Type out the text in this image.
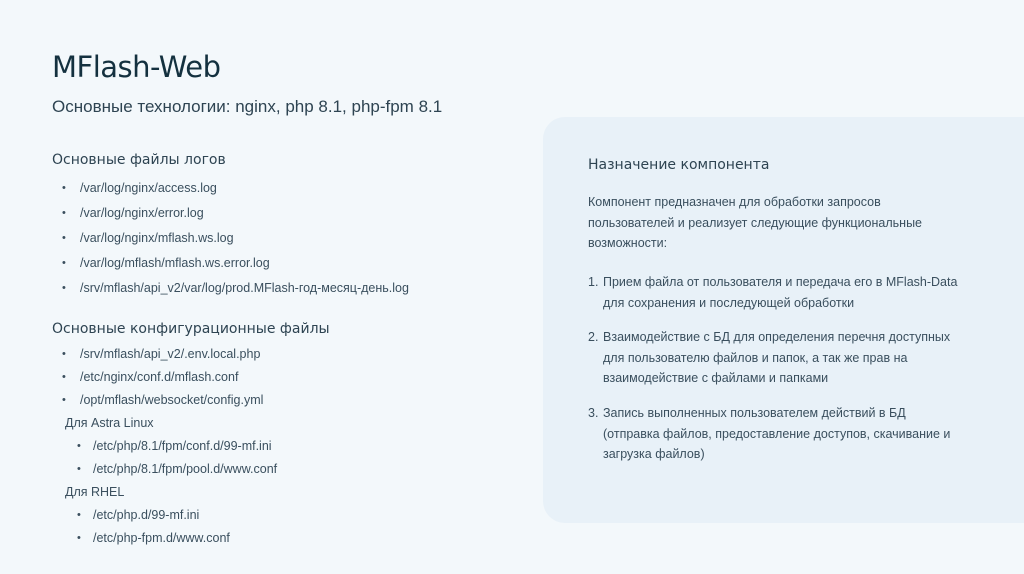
MFlash-Web
Основные технологии: nginx, php 8.1, php-fpm 8.1
Основные файлы логов
Основные конфигурационные файлы
Назначение компонента
Компонент предназначен для обработки запросов пользователей и реализует следующие функциональные возможности:
• /var/log/nginx/access.log
• /var/log/nginx/error.log
• /var/log/nginx/mflash.ws.log
• /var/log/mflash/mflash.ws.error.log
• /srv/mflash/api_v2/var/log/prod.MFlash-год-месяц-день.log
• /srv/mflash/api_v2/.env.local.php
• /etc/nginx/conf.d/mflash.conf
• /opt/mflash/websocket/config.yml
Для Astra Linux
• /etc/php/8.1/fpm/conf.d/99-mf.ini
• /etc/php/8.1/fpm/pool.d/www.conf
Для RHEL
• /etc/php.d/99-mf.ini
• /etc/php-fpm.d/www.conf
1. Прием файла от пользователя и передача его в MFlash-Data для сохранения и последующей обработки
2. Взаимодействие с БД для определения перечня доступных для пользователю файлов и папок, а так же прав на взаимодействие с файлами и папками
3. Запись выполненных пользователем действий в БД (отправка файлов, предоставление доступов, скачивание и загрузка файлов)
